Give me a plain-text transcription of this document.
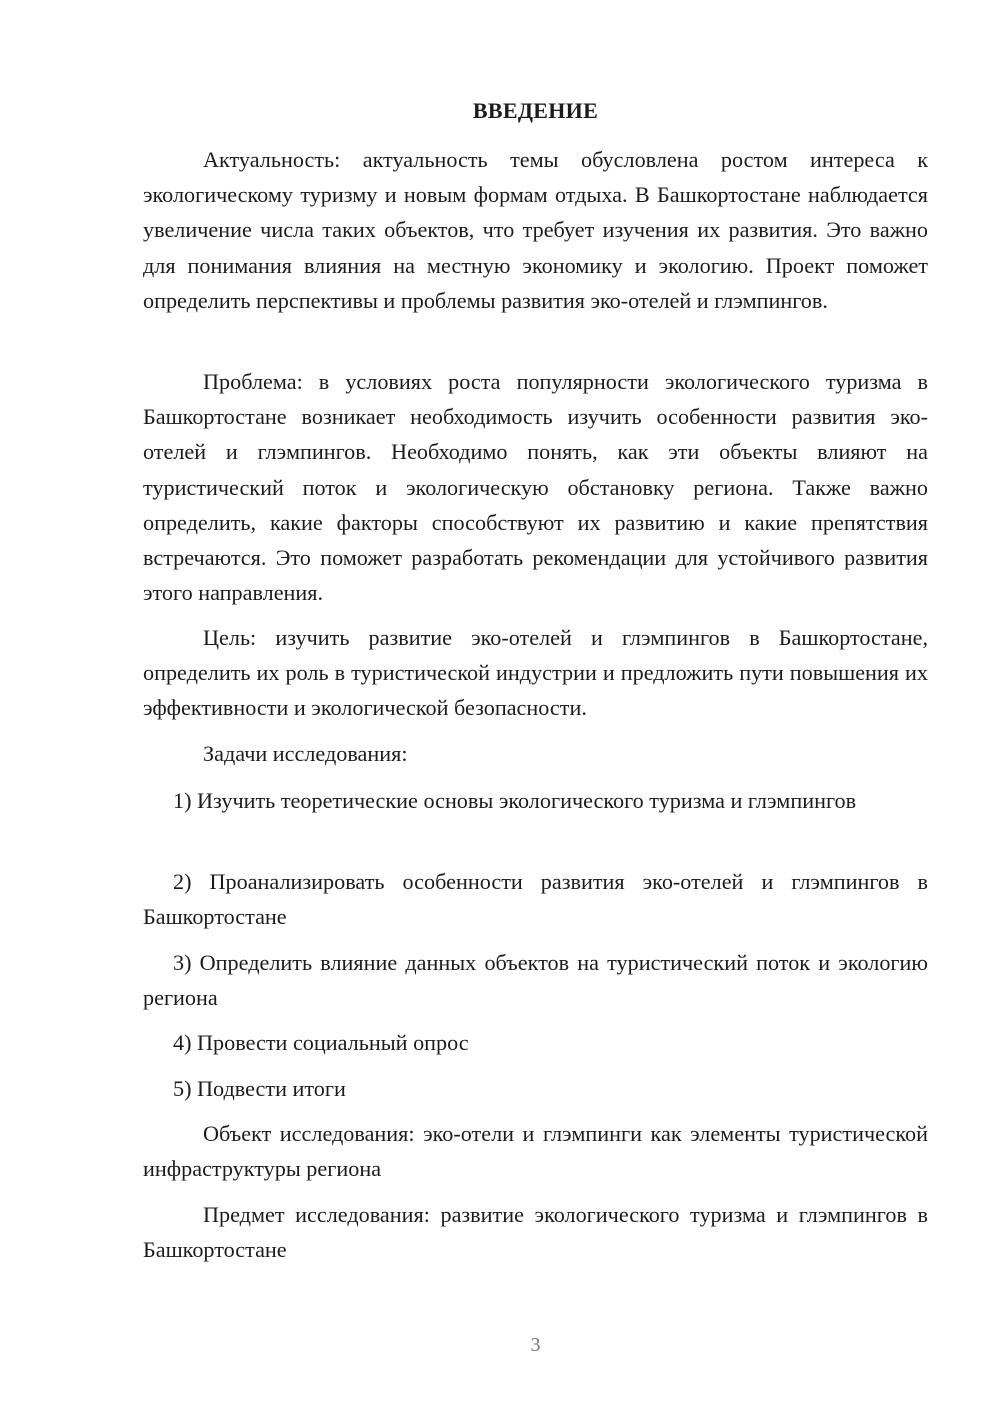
ВВЕДЕНИЕ

Актуальность: актуальность темы обусловлена ростом интереса к экологическому туризму и новым формам отдыха. В Башкортостане наблюдается увеличение числа таких объектов, что требует изучения их развития. Это важно для понимания влияния на местную экономику и экологию. Проект поможет определить перспективы и проблемы развития эко-отелей и глэмпингов.

Проблема: в условиях роста популярности экологического туризма в Башкортостане возникает необходимость изучить особенности развития эко-отелей и глэмпингов. Необходимо понять, как эти объекты влияют на туристический поток и экологическую обстановку региона. Также важно определить, какие факторы способствуют их развитию и какие препятствия встречаются. Это поможет разработать рекомендации для устойчивого развития этого направления.

Цель: изучить развитие эко-отелей и глэмпингов в Башкортостане, определить их роль в туристической индустрии и предложить пути повышения их эффективности и экологической безопасности.

Задачи исследования:

1) Изучить теоретические основы экологического туризма и глэмпингов

2) Проанализировать особенности развития эко-отелей и глэмпингов в Башкортостане

3) Определить влияние данных объектов на туристический поток и экологию региона

4) Провести социальный опрос

5) Подвести итоги

Объект исследования: эко-отели и глэмпинги как элементы туристической инфраструктуры региона

Предмет исследования: развитие экологического туризма и глэмпингов в Башкортостане

3
